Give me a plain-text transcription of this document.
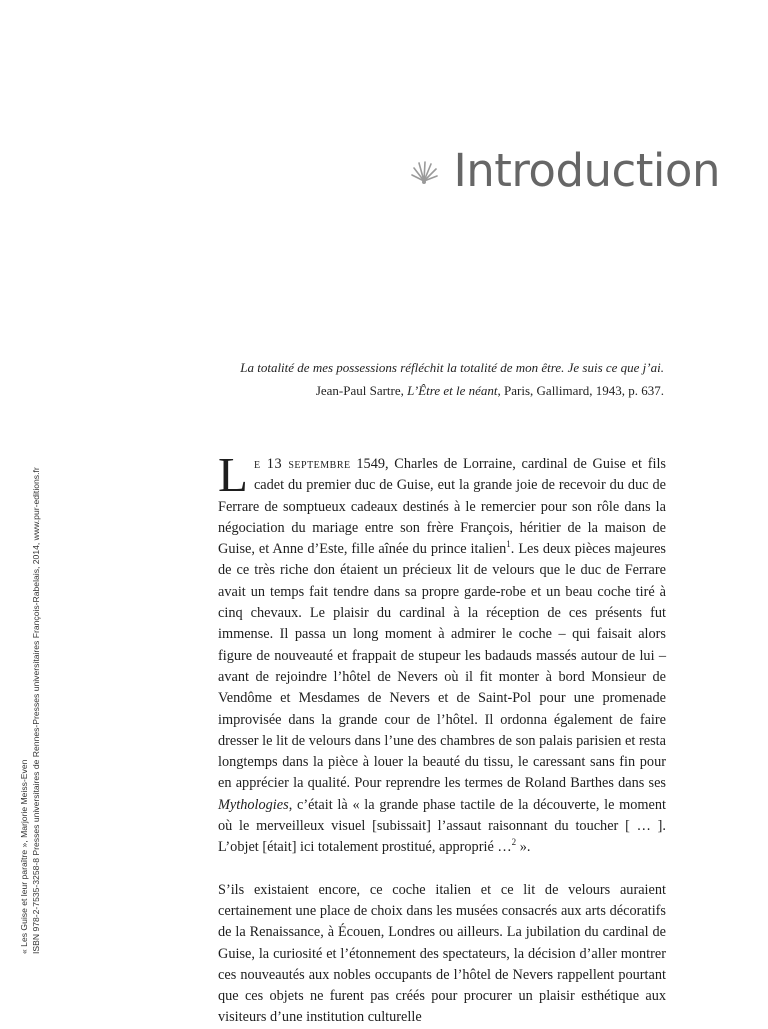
Introduction
La totalité de mes possessions réfléchit la totalité de mon être. Je suis ce que j’ai.
Jean-Paul Sartre, L’Être et le néant, Paris, Gallimard, 1943, p. 637.
« Les Guise et leur paraître », Marjorie Meiss-Even ISBN 978-2-7535-3258-8 Presses universitaires de Rennes-Presses universitaires François-Rabelais, 2014, www.pur-editions.fr	Le 13 septembre 1549, Charles de Lorraine, cardinal de Guise et fils cadet du premier duc de Guise, eut la grande joie de recevoir du duc de Ferrare de somptueux cadeaux destinés à le remercier pour son rôle dans la négociation du mariage entre son frère François, héritier de la maison de Guise, et Anne d’Este, fille aînée du prince italien$^1$. Les deux pièces majeures de ce très riche don étaient un précieux lit de velours que le duc de Ferrare avait un temps fait tendre dans sa propre garde-robe et un beau coche tiré à cinq chevaux. Le plaisir du cardinal à la réception de ces présents fut immense. Il passa un long moment à admirer le coche – qui faisait alors figure de nouveauté et frappait de stupeur les badauds massés autour de lui – avant de rejoindre l’hôtel de Nevers où il fit monter à bord Monsieur de Vendôme et Mesdames de Nevers et de Saint-Pol pour une promenade improvisée dans la grande cour de l’hôtel. Il ordonna également de faire dresser le lit de velours dans l’une des chambres de son palais parisien et resta longtemps dans la pièce à louer la beauté du tissu, le caressant sans fin pour en apprécier la qualité. Pour reprendre les termes de Roland Barthes dans ses Mythologies, c’était là « la grande phase tactile de la découverte, le moment où le merveilleux visuel [subissait] l’assaut raisonnant du toucher [ … ]. L’objet [était] ici totalement prostitué, approprié …$^2$ ».

S’ils existaient encore, ce coche italien et ce lit de velours auraient certainement une place de choix dans les musées consacrés aux arts décoratifs de la Renaissance, à Écouen, Londres ou ailleurs. La jubilation du cardinal de Guise, la curiosité et l’étonnement des spectateurs, la décision d’aller montrer ces nouveautés aux nobles occupants de l’hôtel de Nevers rappellent pourtant que ces objets ne furent pas créés pour procurer un plaisir esthétique aux visiteurs d’une institution culturelle
